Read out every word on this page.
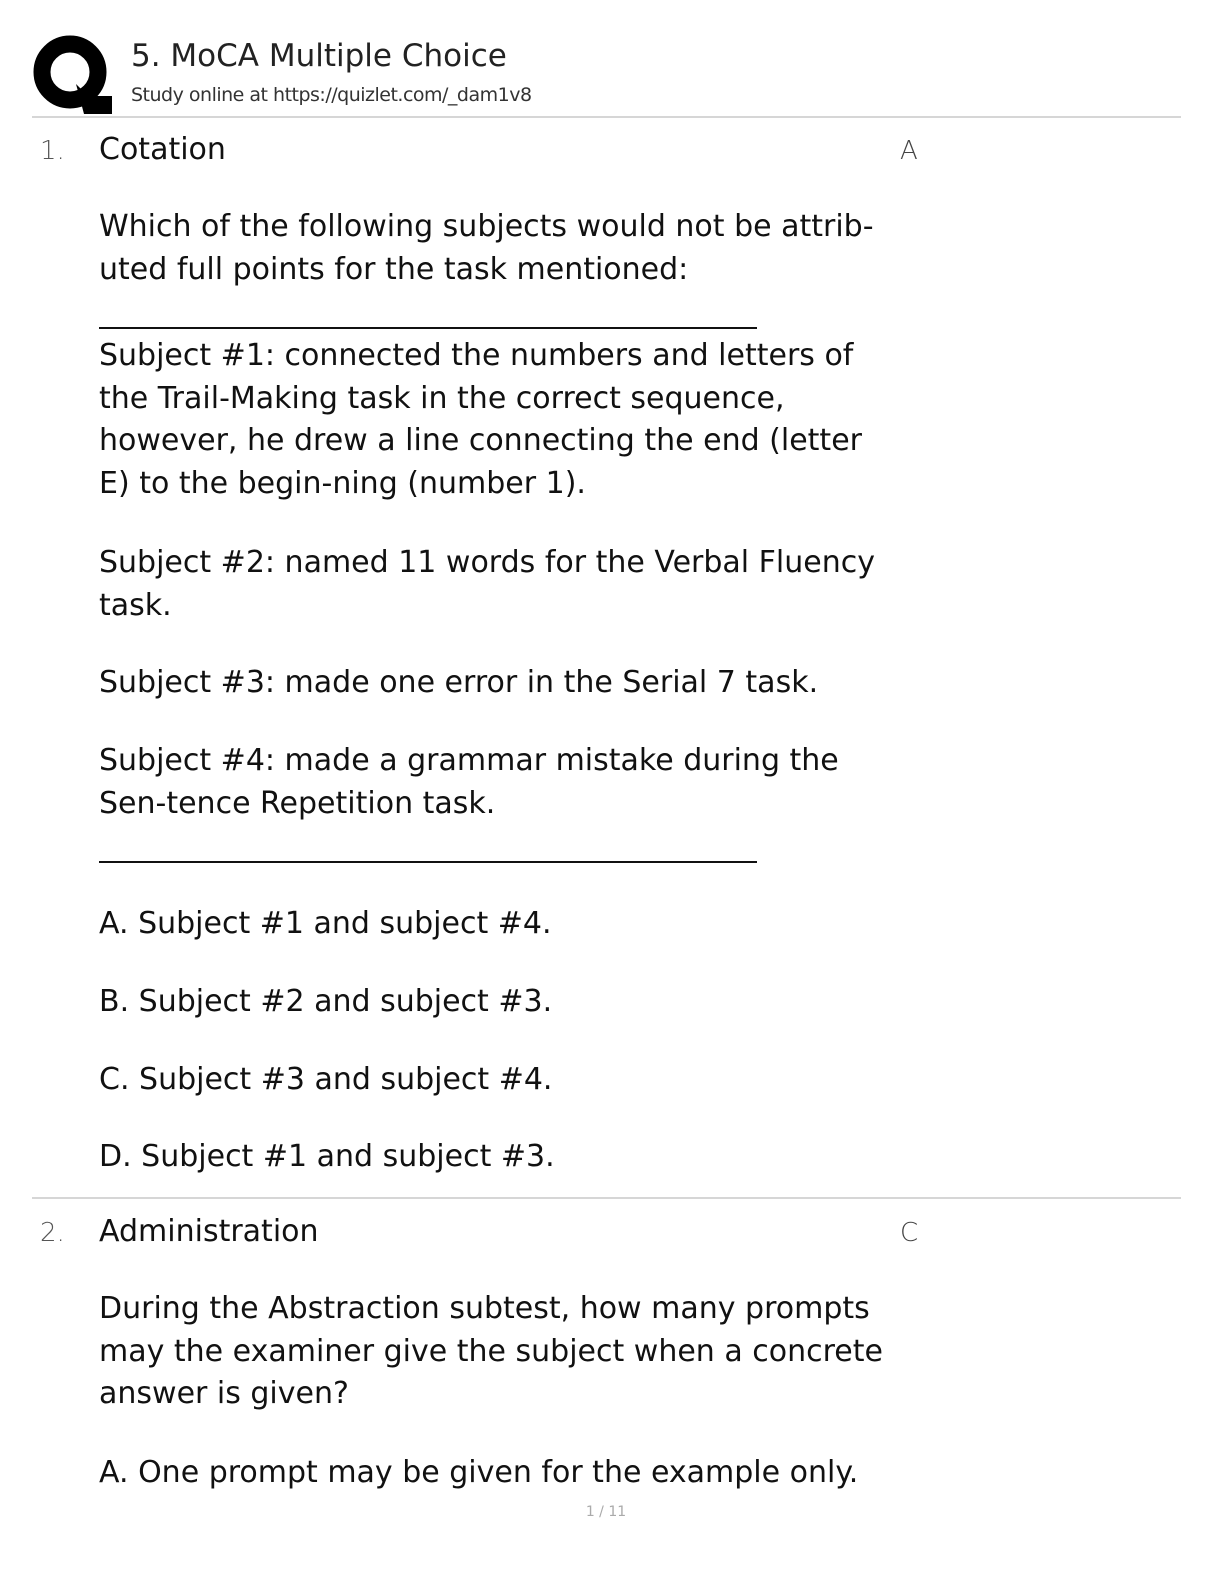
5. MoCA Multiple Choice
Study online at https://quizlet.com/_dam1v8
1. Cotation	A

Which of the following subjects would not be attrib-uted full points for the task mentioned:

Subject #1: connected the numbers and letters of the Trail-Making task in the correct sequence, however, he drew a line connecting the end (letter E) to the begin-ning (number 1).

Subject #2: named 11 words for the Verbal Fluency task.

Subject #3: made one error in the Serial 7 task.

Subject #4: made a grammar mistake during the Sen-tence Repetition task.

A. Subject #1 and subject #4.

B. Subject #2 and subject #3.

C. Subject #3 and subject #4.

D. Subject #1 and subject #3.

2. Administration	C

During the Abstraction subtest, how many prompts may the examiner give the subject when a concrete answer is given?

A. One prompt may be given for the example only.

1 / 11
